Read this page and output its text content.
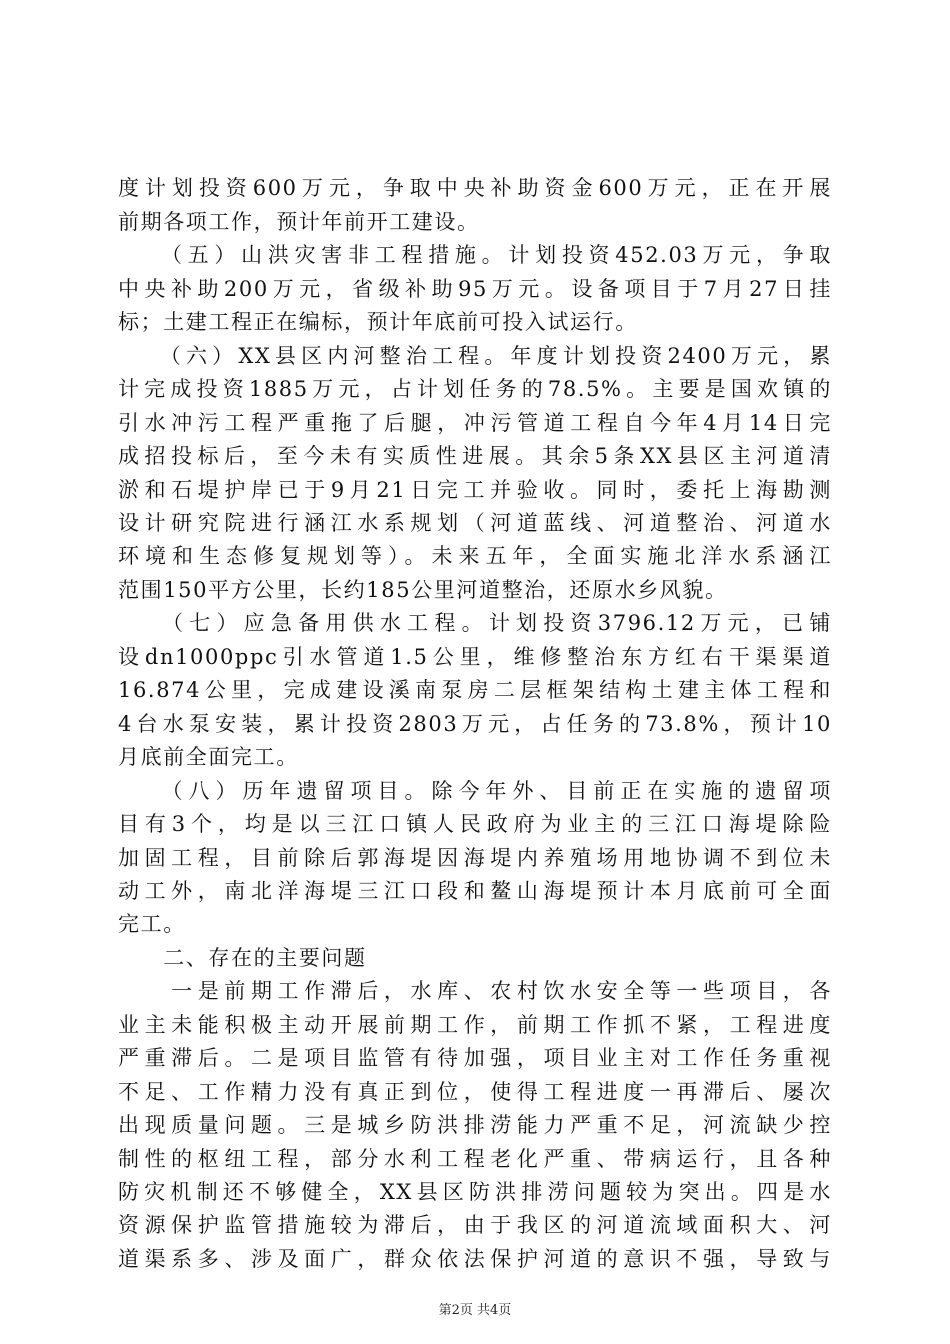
度计划投资600万元，争取中央补助资金600万元，正在开展
前期各项工作，预计年前开工建设。
　　（五）山洪灾害非工程措施。计划投资452.03万元，争取
中央补助200万元，省级补助95万元。设备项目于7月27日挂
标；土建工程正在编标，预计年底前可投入试运行。
　　（六）XX县区内河整治工程。年度计划投资2400万元，累
计完成投资1885万元，占计划任务的78.5%。主要是国欢镇的
引水冲污工程严重拖了后腿，冲污管道工程自今年4月14日完
成招投标后，至今未有实质性进展。其余5条XX县区主河道清
淤和石堤护岸已于9月21日完工并验收。同时，委托上海勘测
设计研究院进行涵江水系规划（河道蓝线、河道整治、河道水
环境和生态修复规划等）。未来五年，全面实施北洋水系涵江
范围150平方公里，长约185公里河道整治，还原水乡风貌。
　　（七）应急备用供水工程。计划投资3796.12万元，已铺
设dn1000ppc引水管道1.5公里，维修整治东方红右干渠渠道
16.874公里，完成建设溪南泵房二层框架结构土建主体工程和
4台水泵安装，累计投资2803万元，占任务的73.8%，预计10
月底前全面完工。
　　（八）历年遗留项目。除今年外、目前正在实施的遗留项
目有3个，均是以三江口镇人民政府为业主的三江口海堤除险
加固工程，目前除后郭海堤因海堤内养殖场用地协调不到位未
动工外，南北洋海堤三江口段和鳌山海堤预计本月底前可全面
完工。
　　二、存在的主要问题
　　一是前期工作滞后，水库、农村饮水安全等一些项目，各
业主未能积极主动开展前期工作，前期工作抓不紧，工程进度
严重滞后。二是项目监管有待加强，项目业主对工作任务重视
不足、工作精力没有真正到位，使得工程进度一再滞后、屡次
出现质量问题。三是城乡防洪排涝能力严重不足，河流缺少控
制性的枢纽工程，部分水利工程老化严重、带病运行，且各种
防灾机制还不够健全，XX县区防洪排涝问题较为突出。四是水
资源保护监管措施较为滞后，由于我区的河道流域面积大、河
道渠系多、涉及面广，群众依法保护河道的意识不强，导致与
第2页 共4页
